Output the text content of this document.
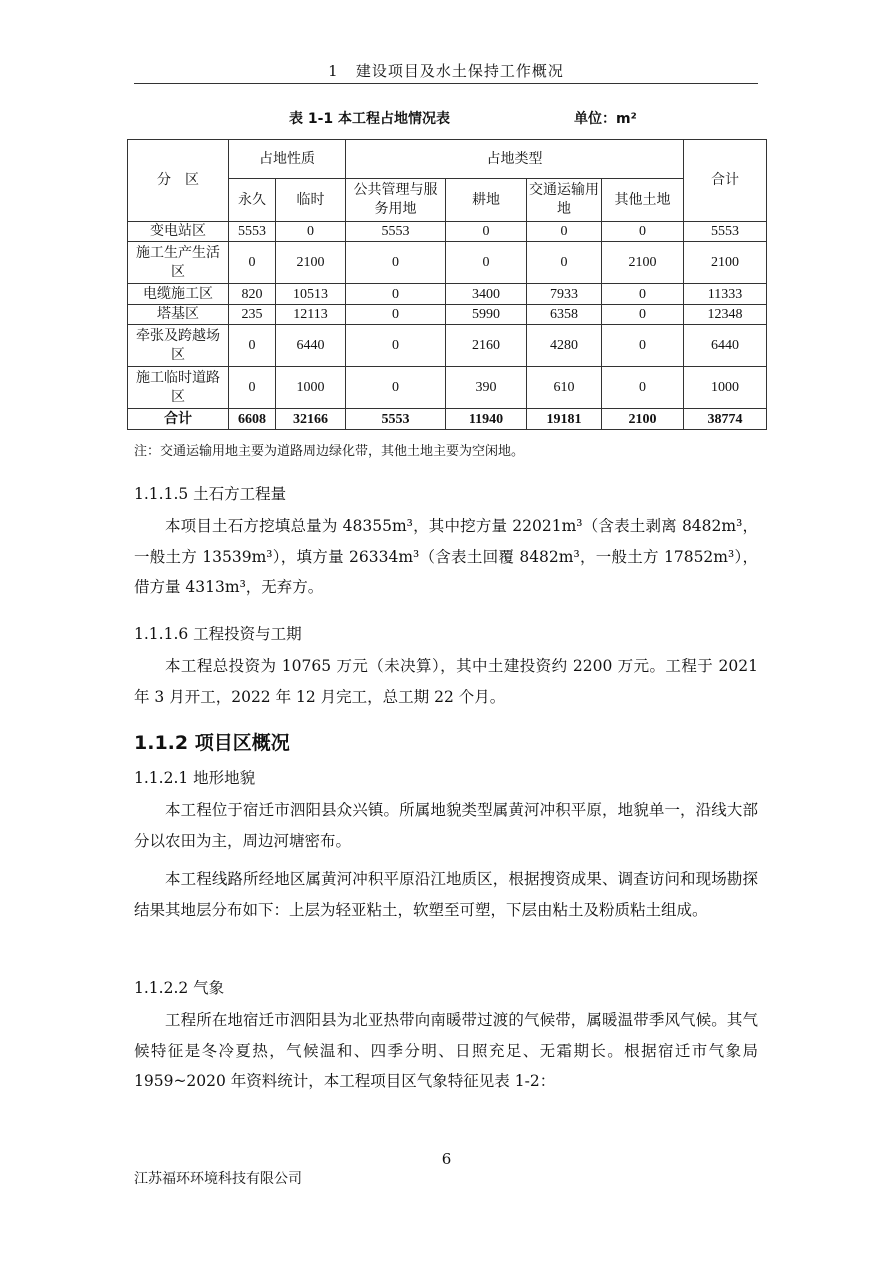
1 建设项目及水土保持工作概况
表 1-1 本工程占地情况表	单位：m²
分　区	占地性质		占地类型				合计
	永久	临时	公共管理与服务用地	耕地	交通运输用地	其他土地	
变电站区	5553	0	5553	0	0	0	5553
施工生产生活区	0	2100	0	0	0	2100	2100
电缆施工区	820	10513	0	3400	7933	0	11333
塔基区	235	12113	0	5990	6358	0	12348
牵张及跨越场区	0	6440	0	2160	4280	0	6440
施工临时道路区	0	1000	0	390	610	0	1000
合计	6608	32166	5553	11940	19181	2100	38774
注：交通运输用地主要为道路周边绿化带，其他土地主要为空闲地。
1.1.1.5 土石方工程量

本项目土石方挖填总量为 48355m³，其中挖方量 22021m³（含表土剥离 8482m³，一般土方 13539m³），填方量 26334m³（含表土回覆 8482m³，一般土方 17852m³），借方量 4313m³，无弃方。

1.1.1.6 工程投资与工期

本工程总投资为 10765 万元（未决算），其中土建投资约 2200 万元。工程于 2021 年 3 月开工，2022 年 12 月完工，总工期 22 个月。

1.1.2 项目区概况
1.1.2.1 地形地貌

本工程位于宿迁市泗阳县众兴镇。所属地貌类型属黄河冲积平原，地貌单一，沿线大部分以农田为主，周边河塘密布。

本工程线路所经地区属黄河冲积平原沿江地质区，根据搜资成果、调查访问和现场勘探结果其地层分布如下：上层为轻亚粘土，软塑至可塑，下层由粘土及粉质粘土组成。

1.1.2.2 气象

工程所在地宿迁市泗阳县为北亚热带向南暖带过渡的气候带，属暖温带季风气候。其气候特征是冬冷夏热，气候温和、四季分明、日照充足、无霜期长。根据宿迁市气象局 1959~2020 年资料统计，本工程项目区气象特征见表 1-2：

6
江苏福环环境科技有限公司
